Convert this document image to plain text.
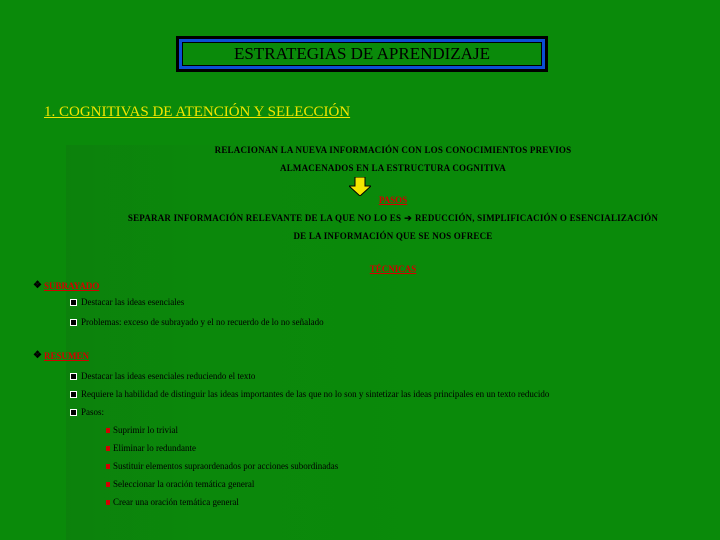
ESTRATEGIAS DE APRENDIZAJE
1. COGNITIVAS DE ATENCIÓN Y SELECCIÓN
RELACIONAN LA NUEVA INFORMACIÓN CON LOS CONOCIMIENTOS PREVIOS
ALMACENADOS EN LA ESTRUCTURA COGNITIVA
PASOS
SEPARAR INFORMACIÓN RELEVANTE DE LA QUE NO LO ES ➔ REDUCCIÓN, SIMPLIFICACIÓN O ESENCIALIZACIÓN
DE LA INFORMACIÓN QUE SE NOS OFRECE
TÉCNICAS
❖ SUBRAYADO
Destacar las ideas esenciales
Problemas: exceso de subrayado y el no recuerdo de lo no señalado
❖ RESUMEN
Destacar las ideas esenciales reduciendo el texto
Requiere la habilidad de distinguir las ideas importantes de las que no lo son y sintetizar las ideas principales en un texto reducido
Pasos:
Suprimir lo trivial
Eliminar lo redundante
Sustituir elementos supraordenados por acciones subordinadas
Seleccionar la oración temática general
Crear una oración temática general
